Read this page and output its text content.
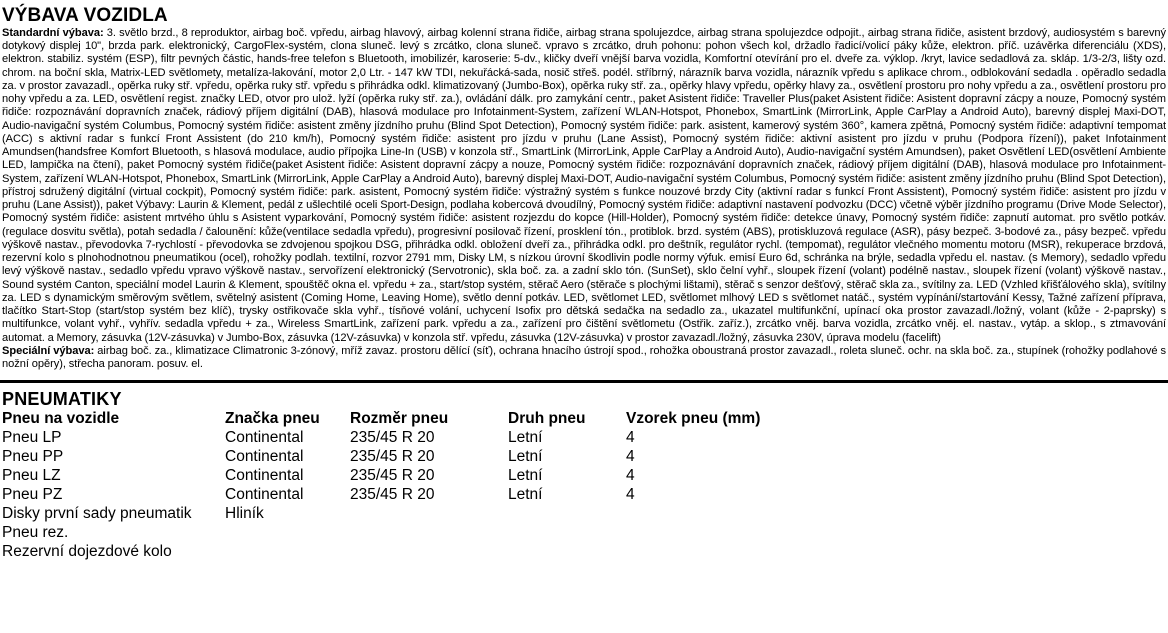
VÝBAVA VOZIDLA

Standardní výbava: 3. světlo brzd., 8 reproduktor, airbag boč. vpředu, airbag hlavový, airbag kolenní strana řidiče, airbag strana spolujezdce, airbag strana spolujezdce odpojit., airbag strana řidiče, asistent brzdový, audiosystém s barevný dotykový displej 10", brzda park. elektronický, CargoFlex-systém, clona sluneč. levý s zrcátko, clona sluneč. vpravo s zrcátko, druh pohonu: pohon všech kol, držadlo řadicí/volicí páky kůže, elektron. příč. uzávěrka diferenciálu (XDS), elektron. stabiliz. systém (ESP), filtr pevných částic, hands-free telefon s Bluetooth, imobilizér, karoserie: 5-dv., kličky dveří vnější barva vozidla, Komfortní otevírání pro el. dveře za. výklop. /kryt, lavice sedadlová za. skláp. 1/3-2/3, lišty ozd. chrom. na boční skla, Matrix-LED světlomety, metalíza-lakování, motor 2,0 Ltr. - 147 kW TDI, nekuřácká-sada, nosič střeš. podél. stříbrný, nárazník barva vozidla, nárazník vpředu s aplikace chrom., odblokování sedadla . opěradlo sedadla za. v prostor zavazadl., opěrka ruky stř. vpředu, opěrka ruky stř. vpředu s přihrádka odkl. klimatizovaný (Jumbo-Box), opěrka ruky stř. za., opěrky hlavy vpředu, opěrky hlavy za., osvětlení prostoru pro nohy vpředu a za., osvětlení prostoru pro nohy vpředu a za. LED, osvětlení regist. značky LED, otvor pro ulož. lyží (opěrka ruky stř. za.), ovládání dálk. pro zamykání centr., paket Asistent řidiče: Traveller Plus(paket Asistent řidiče: Asistent dopravní zácpy a nouze, Pomocný systém řidiče: rozpoznávání dopravních značek, rádiový příjem digitální (DAB), hlasová modulace pro Infotainment-System, zařízení WLAN-Hotspot, Phonebox, SmartLink (MirrorLink, Apple CarPlay a Android Auto), barevný displej Maxi-DOT, Audio-navigační systém Columbus, Pomocný systém řidiče: asistent změny jízdního pruhu (Blind Spot Detection), Pomocný systém řidiče: park. asistent, kamerový systém 360°, kamera zpětná, Pomocný systém řidiče: adaptivní tempomat (ACC) s aktivní radar s funkcí Front Assistent (do 210 km/h), Pomocný systém řidiče: asistent pro jízdu v pruhu (Lane Assist), Pomocný systém řidiče: aktivní asistent pro jízdu v pruhu (Podpora řízení)), paket Infotainment Amundsen(handsfree Komfort Bluetooth, s hlasová modulace, audio přípojka Line-In (USB) v konzola stř., SmartLink (MirrorLink, Apple CarPlay a Android Auto), Audio-navigační systém Amundsen), paket Osvětlení LED(osvětlení Ambiente LED, lampička na čtení), paket Pomocný systém řidiče(paket Asistent řidiče: Asistent dopravní zácpy a nouze, Pomocný systém řidiče: rozpoznávání dopravních značek, rádiový příjem digitální (DAB), hlasová modulace pro Infotainment-System, zařízení WLAN-Hotspot, Phonebox, SmartLink (MirrorLink, Apple CarPlay a Android Auto), barevný displej Maxi-DOT, Audio-navigační systém Columbus, Pomocný systém řidiče: asistent změny jízdního pruhu (Blind Spot Detection), přístroj sdružený digitální (virtual cockpit), Pomocný systém řidiče: park. asistent, Pomocný systém řidiče: výstražný systém s funkce nouzové brzdy City (aktivní radar s funkcí Front Assistent), Pomocný systém řidiče: asistent pro jízdu v pruhu (Lane Assist)), paket Výbavy: Laurin & Klement, pedál z ušlechtilé oceli Sport-Design, podlaha kobercová dvoudílný, Pomocný systém řidiče: adaptivní nastavení podvozku (DCC) včetně výběr jízdního programu (Drive Mode Selector), Pomocný systém řidiče: asistent mrtvého úhlu s Asistent vyparkování, Pomocný systém řidiče: asistent rozjezdu do kopce (Hill-Holder), Pomocný systém řidiče: detekce únavy, Pomocný systém řidiče: zapnutí automat. pro světlo potkáv. (regulace dosvitu světla), potah sedadla / čalounění: kůže(ventilace sedadla vpředu), progresivní posilovač řízení, prosklení tón., protiblok. brzd. systém (ABS), protiskluzová regulace (ASR), pásy bezpeč. 3-bodové za., pásy bezpeč. vpředu výškově nastav., převodovka 7-rychlostí - převodovka se zdvojenou spojkou DSG, přihrádka odkl. obložení dveří za., přihrádka odkl. pro deštník, regulátor rychl. (tempomat), regulátor vlečného momentu motoru (MSR), rekuperace brzdová, rezervní kolo s plnohodnotnou pneumatikou (ocel), rohožky podlah. textilní, rozvor 2791 mm, Disky LM, s nízkou úrovní škodlivin podle normy výfuk. emisí Euro 6d, schránka na brýle, sedadla vpředu el. nastav. (s Memory), sedadlo vpředu levý výškově nastav., sedadlo vpředu vpravo výškově nastav., servořízení elektronický (Servotronic), skla boč. za. a zadní sklo tón. (SunSet), sklo čelní vyhř., sloupek řízení (volant) podélně nastav., sloupek řízení (volant) výškově nastav., Sound systém Canton, speciální model Laurin & Klement, spouštěč okna el. vpředu + za., start/stop systém, stěrač Aero (stěrače s plochými lištami), stěrač s senzor dešťový, stěrač skla za., svítilny za. LED (Vzhled křišťálového skla), svítilny za. LED s dynamickým směrovým světlem, světelný asistent (Coming Home, Leaving Home), světlo denní potkáv. LED, světlomet LED, světlomet mlhový LED s světlomet natáč., systém vypínání/startování Kessy, Tažné zařízení příprava, tlačítko Start-Stop (start/stop systém bez klíč), trysky ostřikovače skla vyhř., tísňové volání, uchycení Isofix pro dětská sedačka na sedadlo za., ukazatel multifunkční, upínací oka prostor zavazadl./ložný, volant (kůže - 2-paprsky) s multifunkce, volant vyhř., vyhřív. sedadla vpředu + za., Wireless SmartLink, zařízení park. vpředu a za., zařízení pro čištění světlometu (Ostřik. zaříz.), zrcátko vněj. barva vozidla, zrcátko vněj. el. nastav., vytáp. a sklop., s ztmavování automat. a Memory, zásuvka (12V-zásuvka) v Jumbo-Box, zásuvka (12V-zásuvka) v konzola stř. vpředu, zásuvka (12V-zásuvka) v prostor zavazadl./ložný, zásuvka 230V, úprava modelu (facelift)

Speciální výbava: airbag boč. za., klimatizace Climatronic 3-zónový, mříž zavaz. prostoru dělící (síť), ochrana hnacího ústrojí spod., rohožka oboustraná prostor zavazadl., roleta sluneč. ochr. na skla boč. za., stupínek (rohožky podlahové s nožní opěry), střecha panoram. posuv. el.

PNEUMATIKY
Pneu na vozidle	Značka pneu	Rozměr pneu	Druh pneu	Vzorek pneu (mm)
Pneu LP	Continental	235/45 R 20	Letní	4
Pneu PP	Continental	235/45 R 20	Letní	4
Pneu LZ	Continental	235/45 R 20	Letní	4
Pneu PZ	Continental	235/45 R 20	Letní	4
Disky první sady pneumatik	Hliník			
Pneu rez.				
Rezervní dojezdové kolo				
